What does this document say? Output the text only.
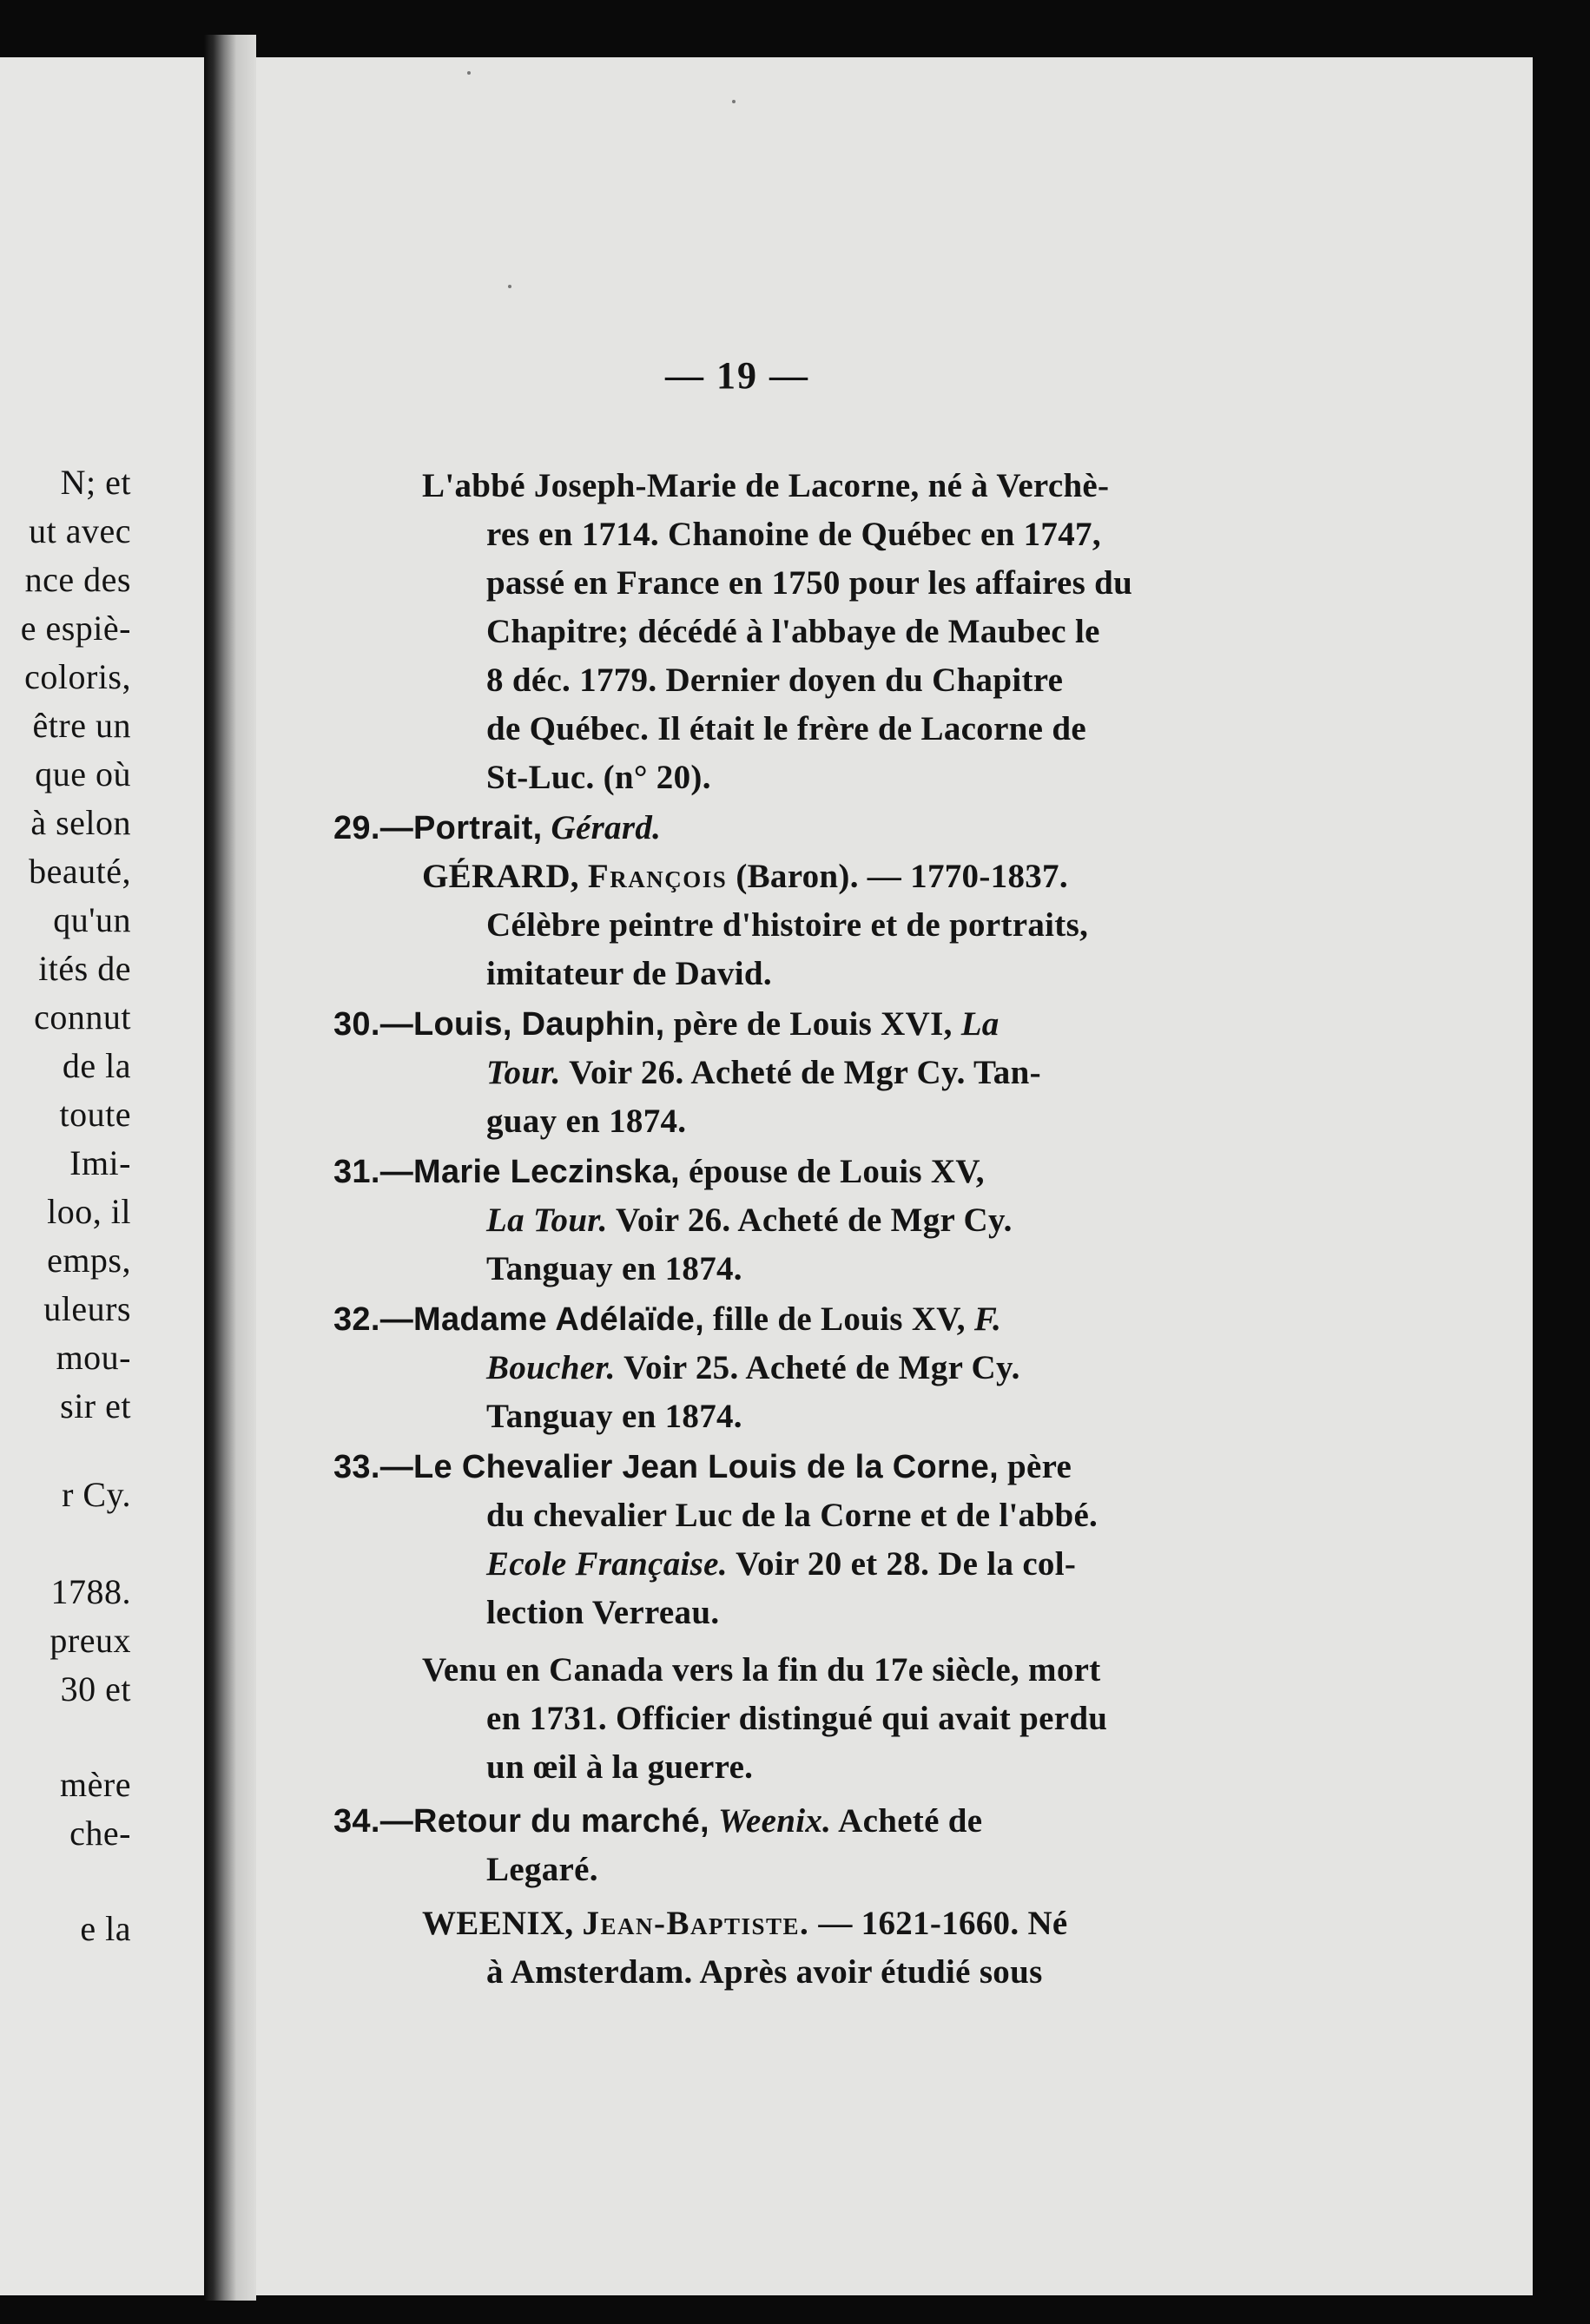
N; et
ut avec
nce des
e espiè-
coloris,
être un
que où
à selon
beauté,
qu'un
ités de
connut
de la
toute
Imi-
loo, il
emps,
uleurs
mou-
sir et
r Cy.
1788.
preux
30 et
mère
che-
e la
— 19 —
L'abbé Joseph-Marie de Lacorne, né à Verchè-
res en 1714. Chanoine de Québec en 1747,
passé en France en 1750 pour les affaires du
Chapitre; décédé à l'abbaye de Maubec le
8 déc. 1779. Dernier doyen du Chapitre
de Québec. Il était le frère de Lacorne de
St-Luc. (n° 20).
29.—Portrait, Gérard.
GÉRARD, François (Baron). — 1770-1837.
Célèbre peintre d'histoire et de portraits,
imitateur de David.
30.—Louis, Dauphin, père de Louis XVI, La
Tour. Voir 26. Acheté de Mgr Cy. Tan-
guay en 1874.
31.—Marie Leczinska, épouse de Louis XV,
La Tour. Voir 26. Acheté de Mgr Cy.
Tanguay en 1874.
32.—Madame Adélaïde, fille de Louis XV, F.
Boucher. Voir 25. Acheté de Mgr Cy.
Tanguay en 1874.
33.—Le Chevalier Jean Louis de la Corne, père
du chevalier Luc de la Corne et de l'abbé.
Ecole Française. Voir 20 et 28. De la col-
lection Verreau.
Venu en Canada vers la fin du 17e siècle, mort
en 1731. Officier distingué qui avait perdu
un œil à la guerre.
34.—Retour du marché, Weenix. Acheté de
Legaré.
WEENIX, Jean-Baptiste. — 1621-1660. Né
à Amsterdam. Après avoir étudié sous
